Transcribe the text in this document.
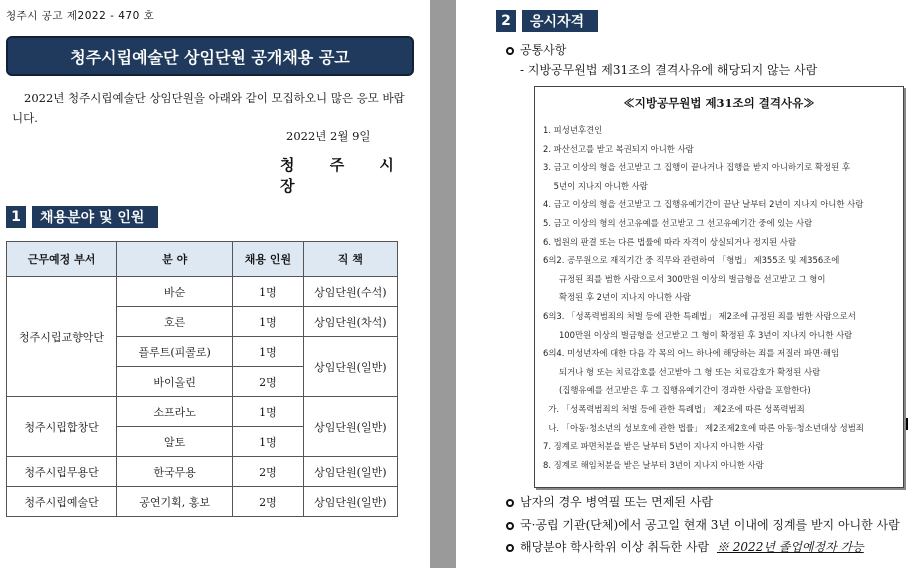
청주시 공고 제2022 - 470 호
청주시립예술단 상임단원 공개채용 공고
2022년 청주시립예술단 상임단원을 아래와 같이 모집하오니 많은 응모 바랍니다.
2022년 2월 9일
청 주 시 장
1	채용분야 및 인원
근무예정 부서	분 야	채용 인원	직 책
청주시립교향악단	바순	1명	상임단원(수석)
	호른	1명	상임단원(차석)
	플루트(피콜로)	1명	상임단원(일반)
	바이올린	2명	
청주시립합창단	소프라노	1명	상임단원(일반)
	알토	1명	
청주시립무용단	한국무용	2명	상임단원(일반)
청주시립예술단	공연기획, 홍보	2명	상임단원(일반)
2	응시자격
공통사항
- 지방공무원법 제31조의 결격사유에 해당되지 않는 사람
≪지방공무원법 제31조의 결격사유≫
1. 피성년후견인
2. 파산선고를 받고 복권되지 아니한 사람
3. 금고 이상의 형을 선고받고 그 집행이 끝나거나 집행을 받지 아니하기로 확정된 후
5년이 지나지 아니한 사람
4. 금고 이상의 형을 선고받고 그 집행유예기간이 끝난 날부터 2년이 지나지 아니한 사람
5. 금고 이상의 형의 선고유예를 선고받고 그 선고유예기간 중에 있는 사람
6. 법원의 판결 또는 다른 법률에 따라 자격이 상실되거나 정지된 사람
6의2. 공무원으로 재직기간 중 직무와 관련하여 「형법」 제355조 및 제356조에
규정된 죄를 범한 사람으로서 300만원 이상의 벌금형을 선고받고 그 형이
확정된 후 2년이 지나지 아니한 사람
6의3. 「성폭력범죄의 처벌 등에 관한 특례법」 제2조에 규정된 죄를 범한 사람으로서
100만원 이상의 벌금형을 선고받고 그 형이 확정된 후 3년이 지나지 아니한 사람
6의4. 미성년자에 대한 다음 각 목의 어느 하나에 해당하는 죄를 저질러 파면·해임
되거나 형 또는 치료감호를 선고받아 그 형 또는 치료감호가 확정된 사람
(집행유예를 선고받은 후 그 집행유예기간이 경과한 사람을 포함한다)
가. 「성폭력범죄의 처벌 등에 관한 특례법」 제2조에 따른 성폭력범죄
나. 「아동·청소년의 성보호에 관한 법률」 제2조제2호에 따른 아동·청소년대상 성범죄
7. 징계로 파면처분을 받은 날부터 5년이 지나지 아니한 사람
8. 징계로 해임처분을 받은 날부터 3년이 지나지 아니한 사람
남자의 경우 병역필 또는 면제된 사람
국·공립 기관(단체)에서 공고일 현재 3년 이내에 징계를 받지 아니한 사람
해당분야 학사학위 이상 취득한 사람 ※ 2022년 졸업예정자 가능
